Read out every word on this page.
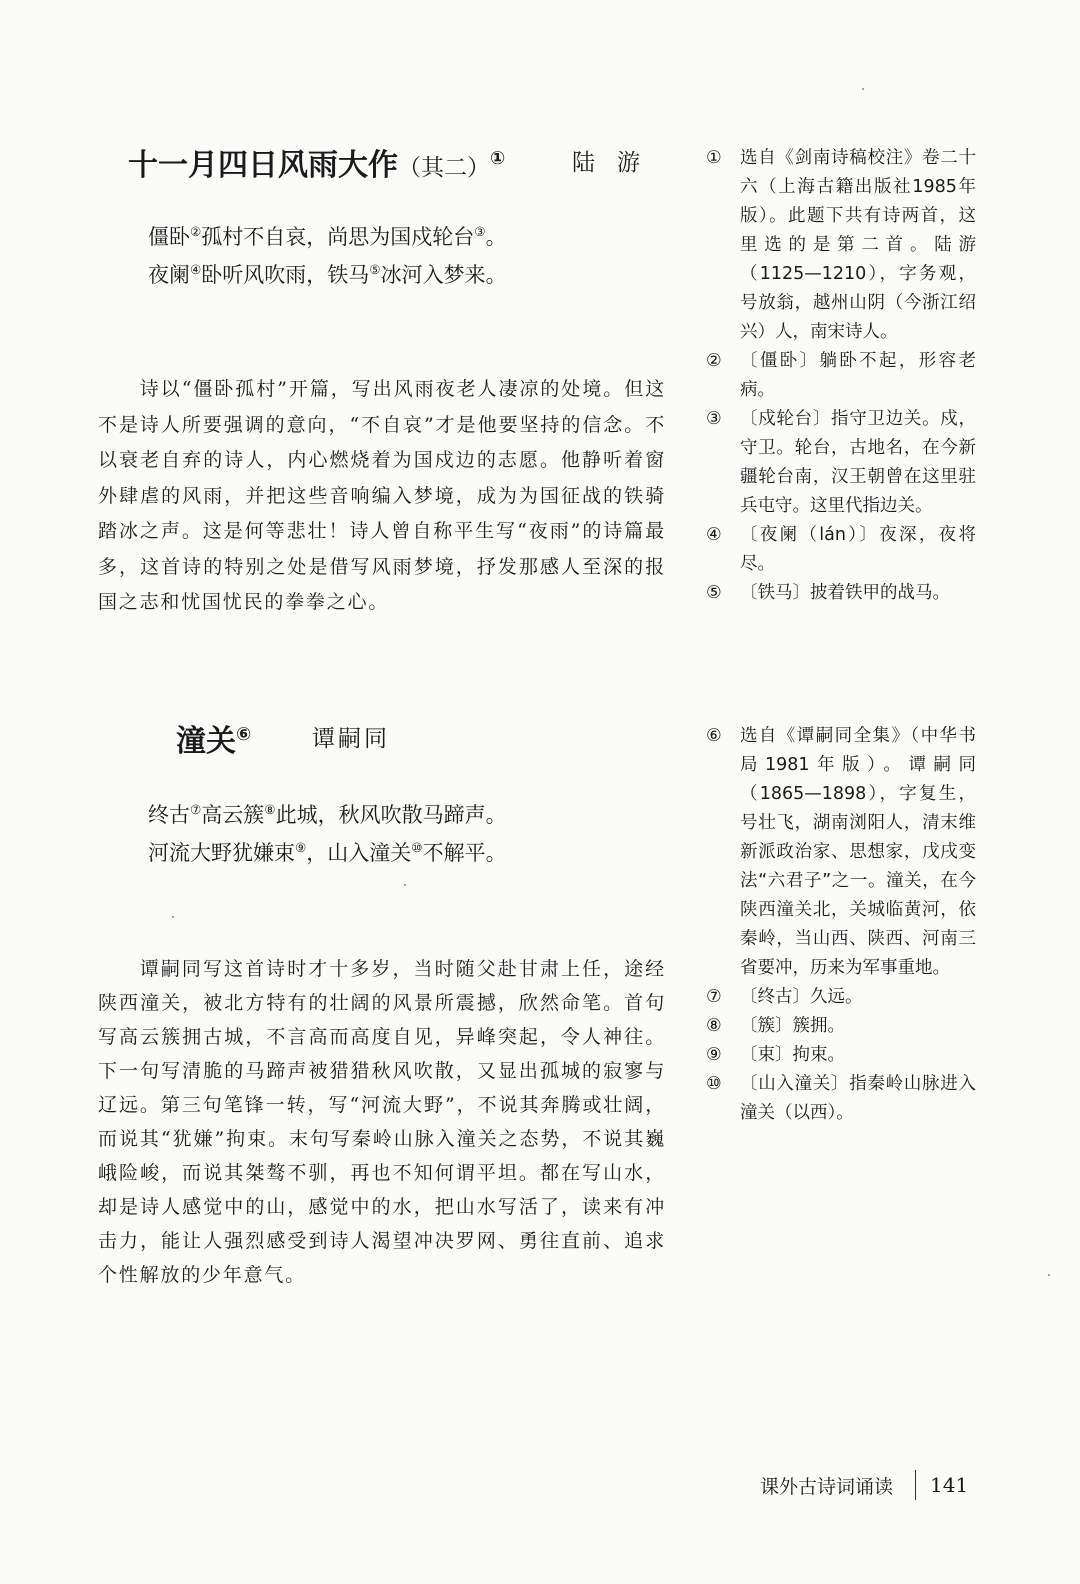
十一月四日风雨大作（其二）①	陆游
僵卧②孤村不自哀，尚思为国戍轮台③。
夜阑④卧听风吹雨，铁马⑤冰河入梦来。

诗以“僵卧孤村”开篇，写出风雨夜老人凄凉的处境。但这不是诗人所要强调的意向，“不自哀”才是他要坚持的信念。不以衰老自弃的诗人，内心燃烧着为国戍边的志愿。他静听着窗外肆虐的风雨，并把这些音响编入梦境，成为为国征战的铁骑踏冰之声。这是何等悲壮！诗人曾自称平生写“夜雨”的诗篇最多，这首诗的特别之处是借写风雨梦境，抒发那感人至深的报国之志和忧国忧民的拳拳之心。

①	选自《剑南诗稿校注》卷二十六（上海古籍出版社1985年版）。此题下共有诗两首，这里选的是第二首。陆游（1125—1210），字务观，号放翁，越州山阴（今浙江绍兴）人，南宋诗人。
②	〔僵卧〕躺卧不起，形容老病。
③	〔戍轮台〕指守卫边关。戍，守卫。轮台，古地名，在今新疆轮台南，汉王朝曾在这里驻兵屯守。这里代指边关。
④	〔夜阑（lán）〕夜深，夜将尽。
⑤	〔铁马〕披着铁甲的战马。
潼关⑥	谭嗣同
终古⑦高云簇⑧此城，秋风吹散马蹄声。
河流大野犹嫌束⑨，山入潼关⑩不解平。

谭嗣同写这首诗时才十多岁，当时随父赴甘肃上任，途经陕西潼关，被北方特有的壮阔的风景所震撼，欣然命笔。首句写高云簇拥古城，不言高而高度自见，异峰突起，令人神往。下一句写清脆的马蹄声被猎猎秋风吹散，又显出孤城的寂寥与辽远。第三句笔锋一转，写“河流大野”，不说其奔腾或壮阔，而说其“犹嫌”拘束。末句写秦岭山脉入潼关之态势，不说其巍峨险峻，而说其桀骜不驯，再也不知何谓平坦。都在写山水，却是诗人感觉中的山，感觉中的水，把山水写活了，读来有冲击力，能让人强烈感受到诗人渴望冲决罗网、勇往直前、追求个性解放的少年意气。

⑥	选自《谭嗣同全集》（中华书局1981年版）。谭嗣同（1865—1898），字复生，号壮飞，湖南浏阳人，清末维新派政治家、思想家，戊戌变法“六君子”之一。潼关，在今陕西潼关北，关城临黄河，依秦岭，当山西、陕西、河南三省要冲，历来为军事重地。
⑦	〔终古〕久远。
⑧	〔簇〕簇拥。
⑨	〔束〕拘束。
⑩	〔山入潼关〕指秦岭山脉进入潼关（以西）。
课外古诗词诵读 141
